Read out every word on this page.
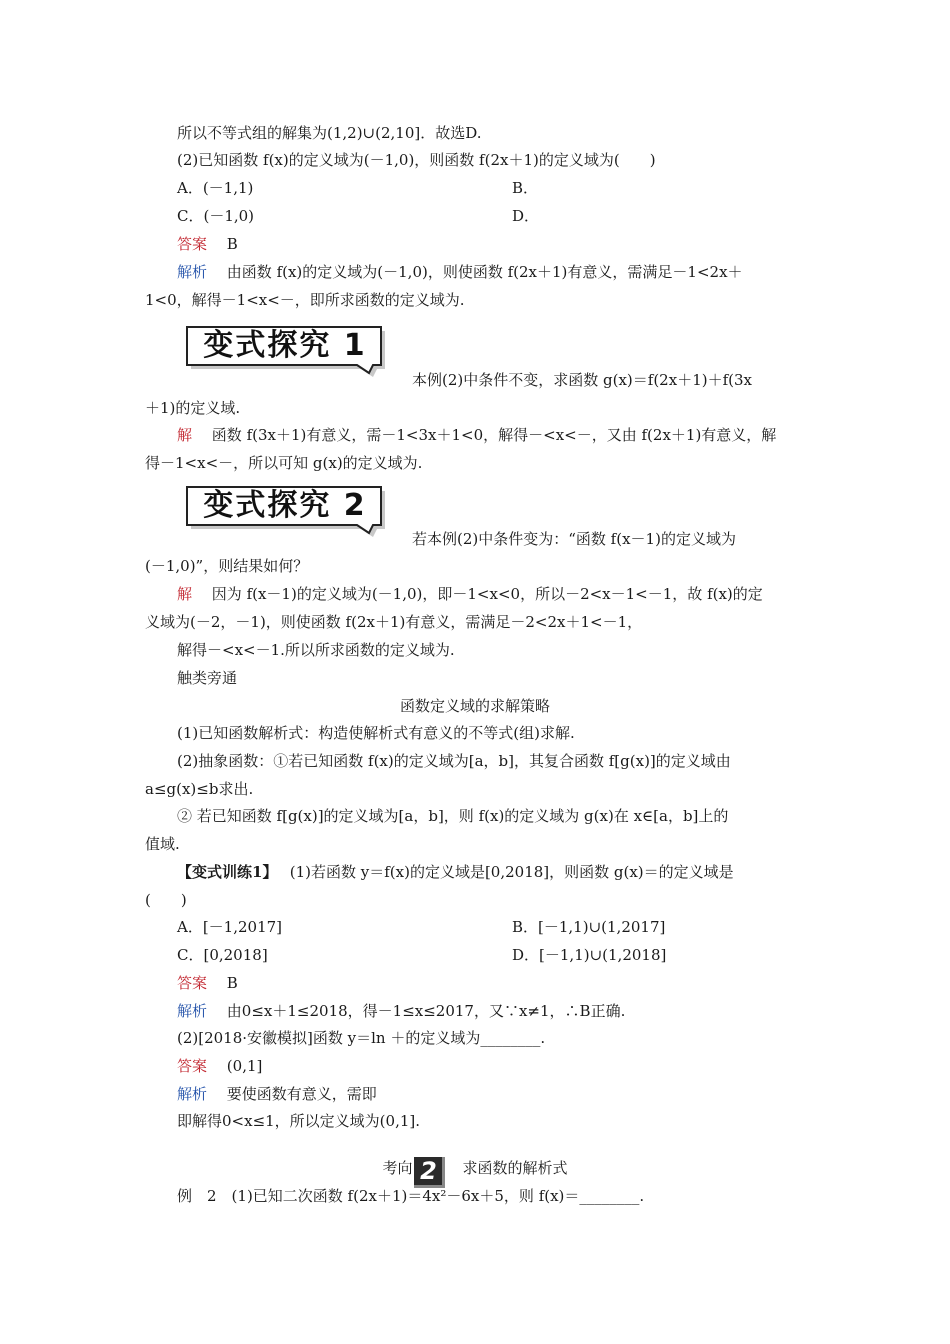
所以不等式组的解集为(1,2)∪(2,10]．故选D.
(2)已知函数 f(x)的定义域为(－1,0)，则函数 f(2x＋1)的定义域为(　　)
A．(－1,1)	B．
C．(－1,0)	D．
答案　 B
解析　 由函数 f(x)的定义域为(－1,0)，则使函数 f(2x＋1)有意义，需满足－1<2x＋
1<0，解得－1<x<－，即所求函数的定义域为.
变式探究 1
本例(2)中条件不变，求函数 g(x)＝f(2x＋1)＋f(3x
＋1)的定义域.
解　 函数 f(3x＋1)有意义，需－1<3x＋1<0，解得－<x<－，又由 f(2x＋1)有意义，解
得－1<x<－，所以可知 g(x)的定义域为.
变式探究 2
若本例(2)中条件变为：“函数 f(x－1)的定义域为
(－1,0)”，则结果如何？
解　 因为 f(x－1)的定义域为(－1,0)，即－1<x<0，所以－2<x－1<－1，故 f(x)的定
义域为(－2，－1)，则使函数 f(2x＋1)有意义，需满足－2<2x＋1<－1，
解得－<x<－1.所以所求函数的定义域为.
触类旁通
函数定义域的求解策略
(1)已知函数解析式：构造使解析式有意义的不等式(组)求解.
(2)抽象函数：①若已知函数 f(x)的定义域为[a，b]，其复合函数 f[g(x)]的定义域由
a≤g(x)≤b求出.
② 若已知函数 f[g(x)]的定义域为[a，b]，则 f(x)的定义域为 g(x)在 x∈[a，b]上的
值域.
【变式训练1】　 (1)若函数 y＝f(x)的定义域是[0,2018]，则函数 g(x)＝的定义域是
(　　)
A．[－1,2017]	B．[－1,1)∪(1,2017]
C．[0,2018]	D．[－1,1)∪(1,2018]
答案　 B
解析　 由0≤x＋1≤2018，得－1≤x≤2017，又∵x≠1，∴B正确.
(2)[2018·安徽模拟]函数 y＝ln ＋的定义域为________.
答案　 (0,1]
解析　 要使函数有意义，需即
即解得0<x≤1，所以定义域为(0,1].
考向 2　 求函数的解析式
例　2　(1)已知二次函数 f(2x＋1)＝4x²－6x＋5，则 f(x)＝________.
